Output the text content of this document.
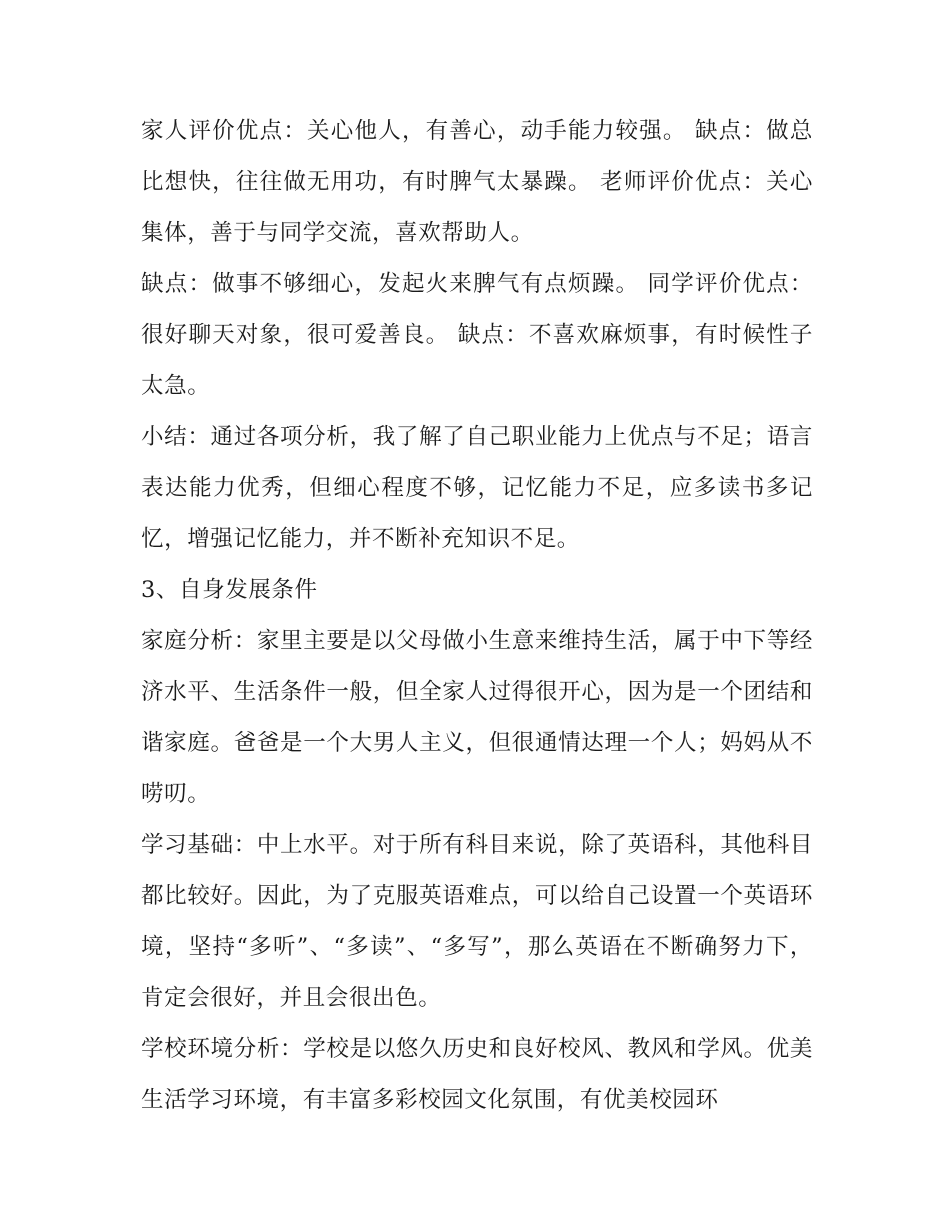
家人评价优点：关心他人，有善心，动手能力较强。 缺点：做总比想快，往往做无用功，有时脾气太暴躁。 老师评价优点：关心集体，善于与同学交流，喜欢帮助人。

缺点：做事不够细心，发起火来脾气有点烦躁。 同学评价优点：很好聊天对象，很可爱善良。 缺点：不喜欢麻烦事，有时候性子太急。

小结：通过各项分析，我了解了自己职业能力上优点与不足；语言表达能力优秀，但细心程度不够，记忆能力不足，应多读书多记忆，增强记忆能力，并不断补充知识不足。

3、自身发展条件

家庭分析：家里主要是以父母做小生意来维持生活，属于中下等经济水平、生活条件一般，但全家人过得很开心，因为是一个团结和谐家庭。爸爸是一个大男人主义，但很通情达理一个人；妈妈从不唠叨。

学习基础：中上水平。对于所有科目来说，除了英语科，其他科目都比较好。因此，为了克服英语难点，可以给自己设置一个英语环境，坚持“多听”、“多读”、“多写”，那么英语在不断确努力下，肯定会很好，并且会很出色。

学校环境分析：学校是以悠久历史和良好校风、教风和学风。优美生活学习环境，有丰富多彩校园文化氛围，有优美校园环
